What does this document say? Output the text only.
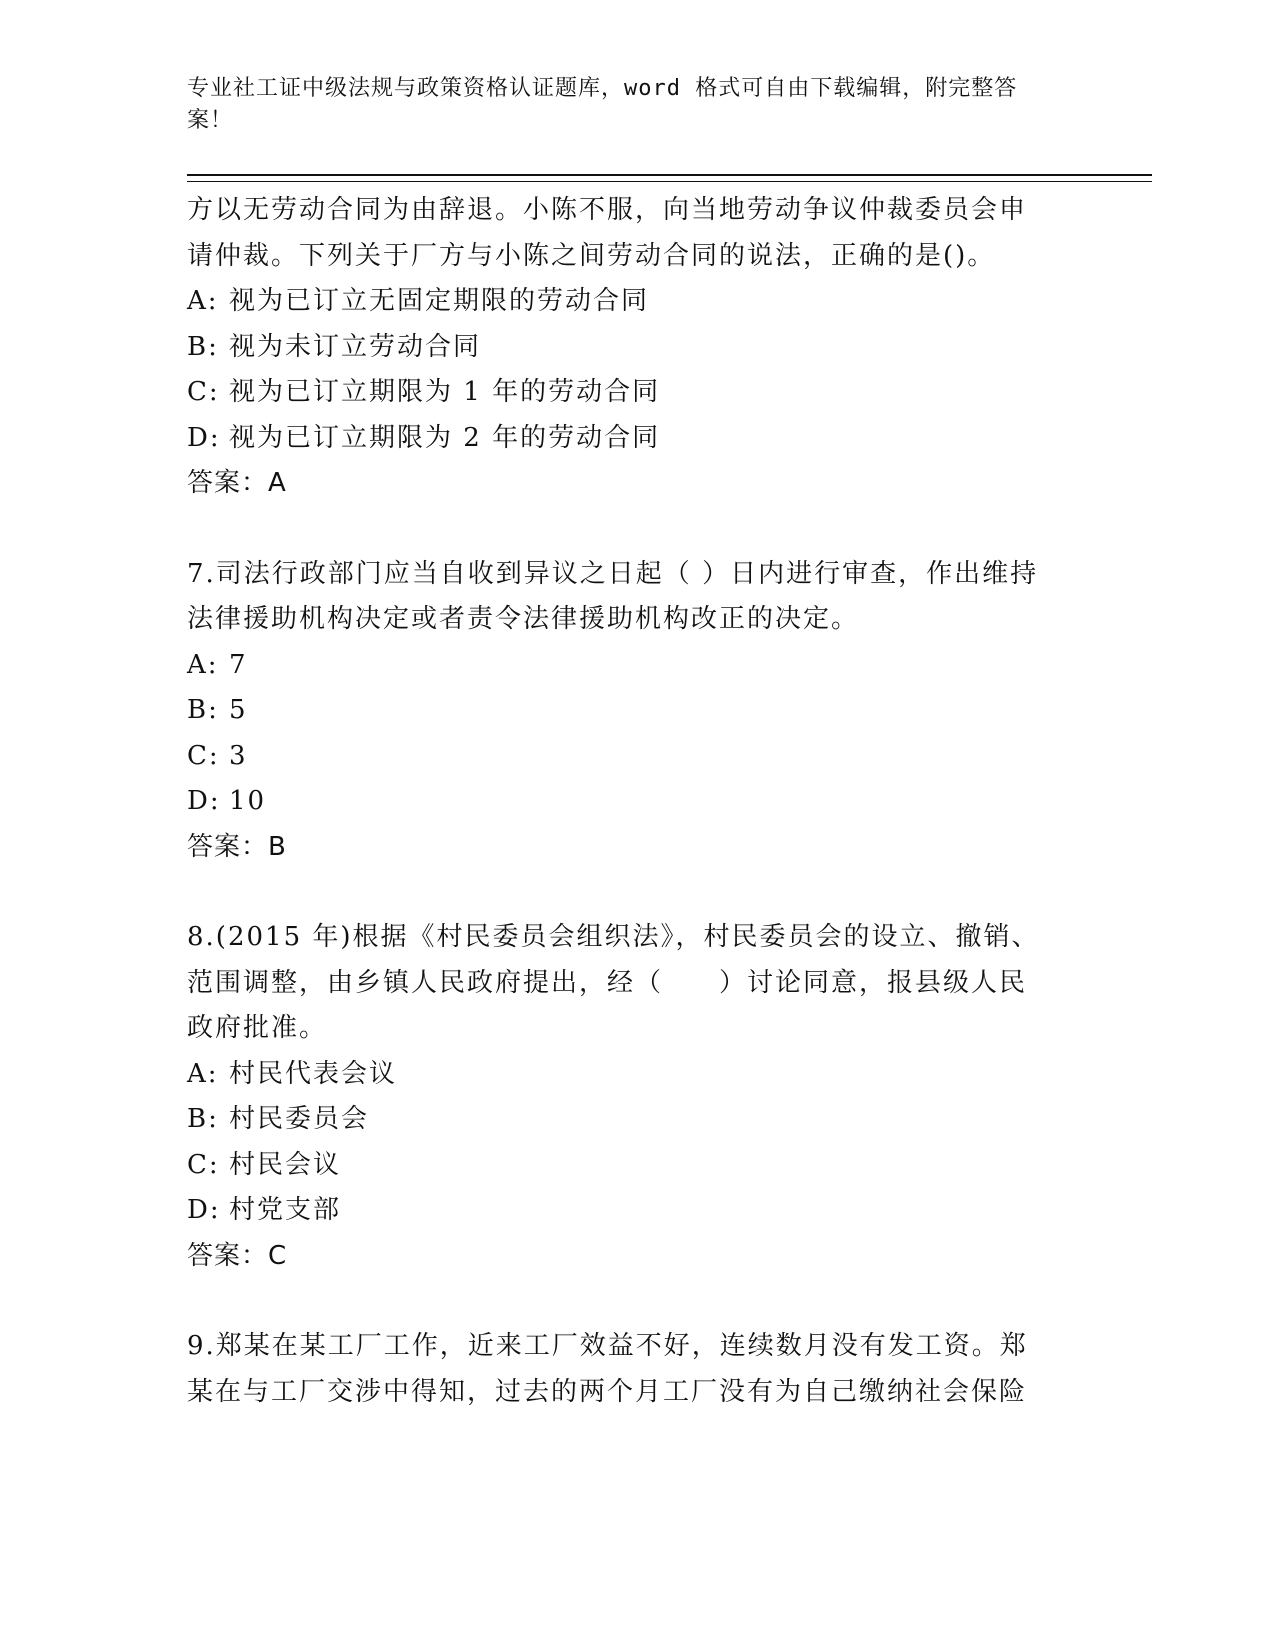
专业社工证中级法规与政策资格认证题库，word 格式可自由下载编辑，附完整答
案！
方以无劳动合同为由辞退。小陈不服，向当地劳动争议仲裁委员会申
请仲裁。下列关于厂方与小陈之间劳动合同的说法，正确的是()。
A: 视为已订立无固定期限的劳动合同
B: 视为未订立劳动合同
C: 视为已订立期限为 1 年的劳动合同
D: 视为已订立期限为 2 年的劳动合同
答案：A
7.司法行政部门应当自收到异议之日起（ ）日内进行审查，作出维持
法律援助机构决定或者责令法律援助机构改正的决定。
A: 7
B: 5
C: 3
D: 10
答案：B
8.(2015 年)根据《村民委员会组织法》，村民委员会的设立、撤销、
范围调整，由乡镇人民政府提出，经（　　）讨论同意，报县级人民
政府批准。
A: 村民代表会议
B: 村民委员会
C: 村民会议
D: 村党支部
答案：C
9.郑某在某工厂工作，近来工厂效益不好，连续数月没有发工资。郑
某在与工厂交涉中得知，过去的两个月工厂没有为自己缴纳社会保险
